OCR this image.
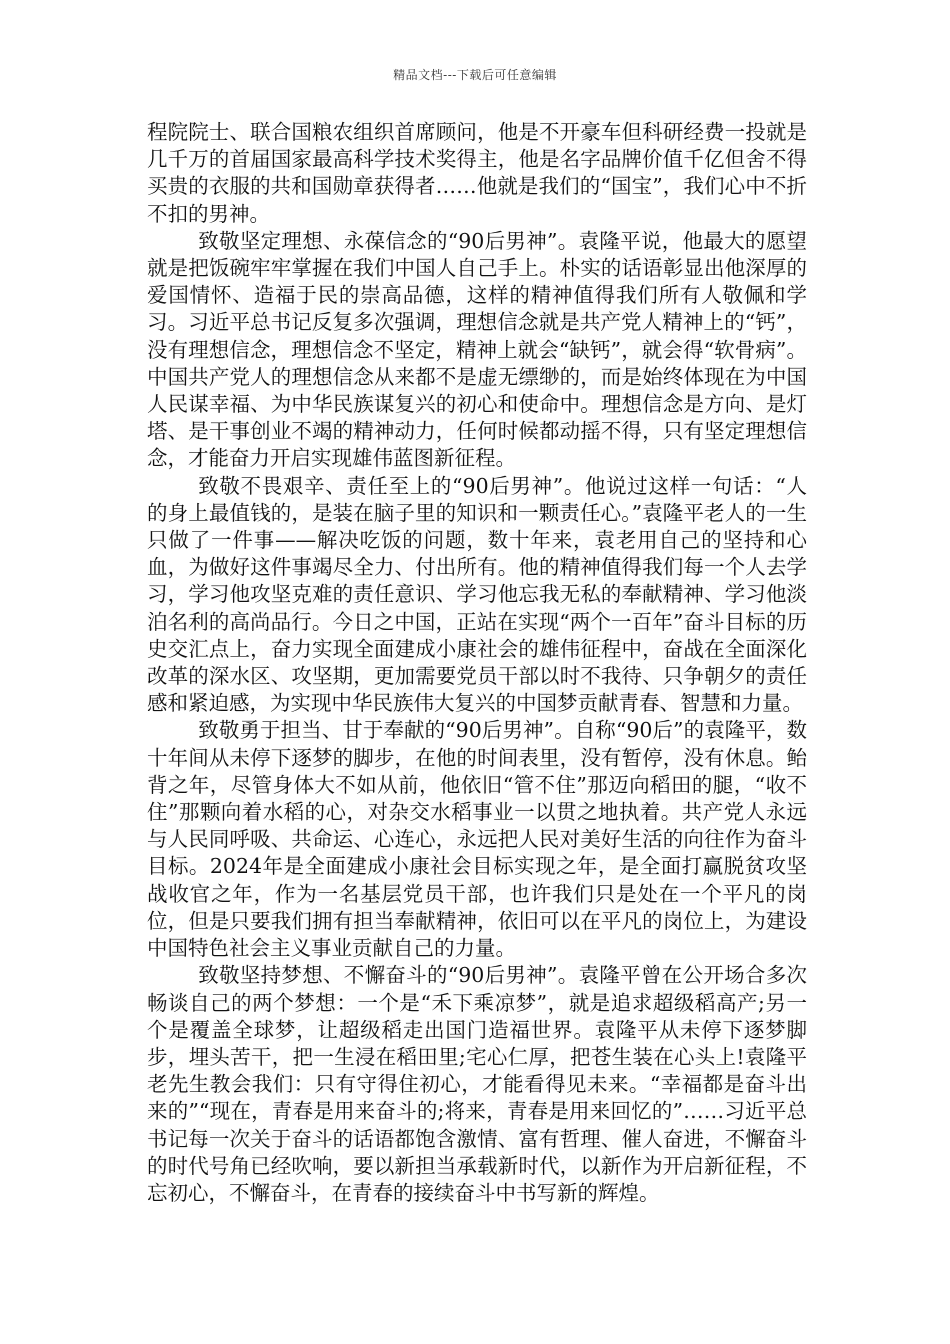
精品文档---下载后可任意编辑

程院院士、联合国粮农组织首席顾问，他是不开豪车但科研经费一投就是几千万的首届国家最高科学技术奖得主，他是名字品牌价值千亿但舍不得买贵的衣服的共和国勋章获得者……他就是我们的“国宝”，我们心中不折不扣的男神。

致敬坚定理想、永葆信念的“90后男神”。袁隆平说，他最大的愿望就是把饭碗牢牢掌握在我们中国人自己手上。朴实的话语彰显出他深厚的爱国情怀、造福于民的崇高品德，这样的精神值得我们所有人敬佩和学习。习近平总书记反复多次强调，理想信念就是共产党人精神上的“钙”，没有理想信念，理想信念不坚定，精神上就会“缺钙”，就会得“软骨病”。中国共产党人的理想信念从来都不是虚无缥缈的，而是始终体现在为中国人民谋幸福、为中华民族谋复兴的初心和使命中。理想信念是方向、是灯塔、是干事创业不竭的精神动力，任何时候都动摇不得，只有坚定理想信念，才能奋力开启实现雄伟蓝图新征程。

致敬不畏艰辛、责任至上的“90后男神”。他说过这样一句话：“人的身上最值钱的，是装在脑子里的知识和一颗责任心。”袁隆平老人的一生只做了一件事——解决吃饭的问题，数十年来，袁老用自己的坚持和心血，为做好这件事竭尽全力、付出所有。他的精神值得我们每一个人去学习，学习他攻坚克难的责任意识、学习他忘我无私的奉献精神、学习他淡泊名利的高尚品行。今日之中国，正站在实现“两个一百年”奋斗目标的历史交汇点上，奋力实现全面建成小康社会的雄伟征程中，奋战在全面深化改革的深水区、攻坚期，更加需要党员干部以时不我待、只争朝夕的责任感和紧迫感，为实现中华民族伟大复兴的中国梦贡献青春、智慧和力量。

致敬勇于担当、甘于奉献的“90后男神”。自称“90后”的袁隆平，数十年间从未停下逐梦的脚步，在他的时间表里，没有暂停，没有休息。鲐背之年，尽管身体大不如从前，他依旧“管不住”那迈向稻田的腿，“收不住”那颗向着水稻的心，对杂交水稻事业一以贯之地执着。共产党人永远与人民同呼吸、共命运、心连心，永远把人民对美好生活的向往作为奋斗目标。2024年是全面建成小康社会目标实现之年，是全面打赢脱贫攻坚战收官之年，作为一名基层党员干部，也许我们只是处在一个平凡的岗位，但是只要我们拥有担当奉献精神，依旧可以在平凡的岗位上，为建设中国特色社会主义事业贡献自己的力量。

致敬坚持梦想、不懈奋斗的“90后男神”。袁隆平曾在公开场合多次畅谈自己的两个梦想：一个是“禾下乘凉梦”，就是追求超级稻高产;另一个是覆盖全球梦，让超级稻走出国门造福世界。袁隆平从未停下逐梦脚步，埋头苦干，把一生浸在稻田里;宅心仁厚，把苍生装在心头上!袁隆平老先生教会我们：只有守得住初心，才能看得见未来。“幸福都是奋斗出来的”“现在，青春是用来奋斗的;将来，青春是用来回忆的”……习近平总书记每一次关于奋斗的话语都饱含激情、富有哲理、催人奋进，不懈奋斗的时代号角已经吹响，要以新担当承载新时代，以新作为开启新征程，不忘初心，不懈奋斗，在青春的接续奋斗中书写新的辉煌。
